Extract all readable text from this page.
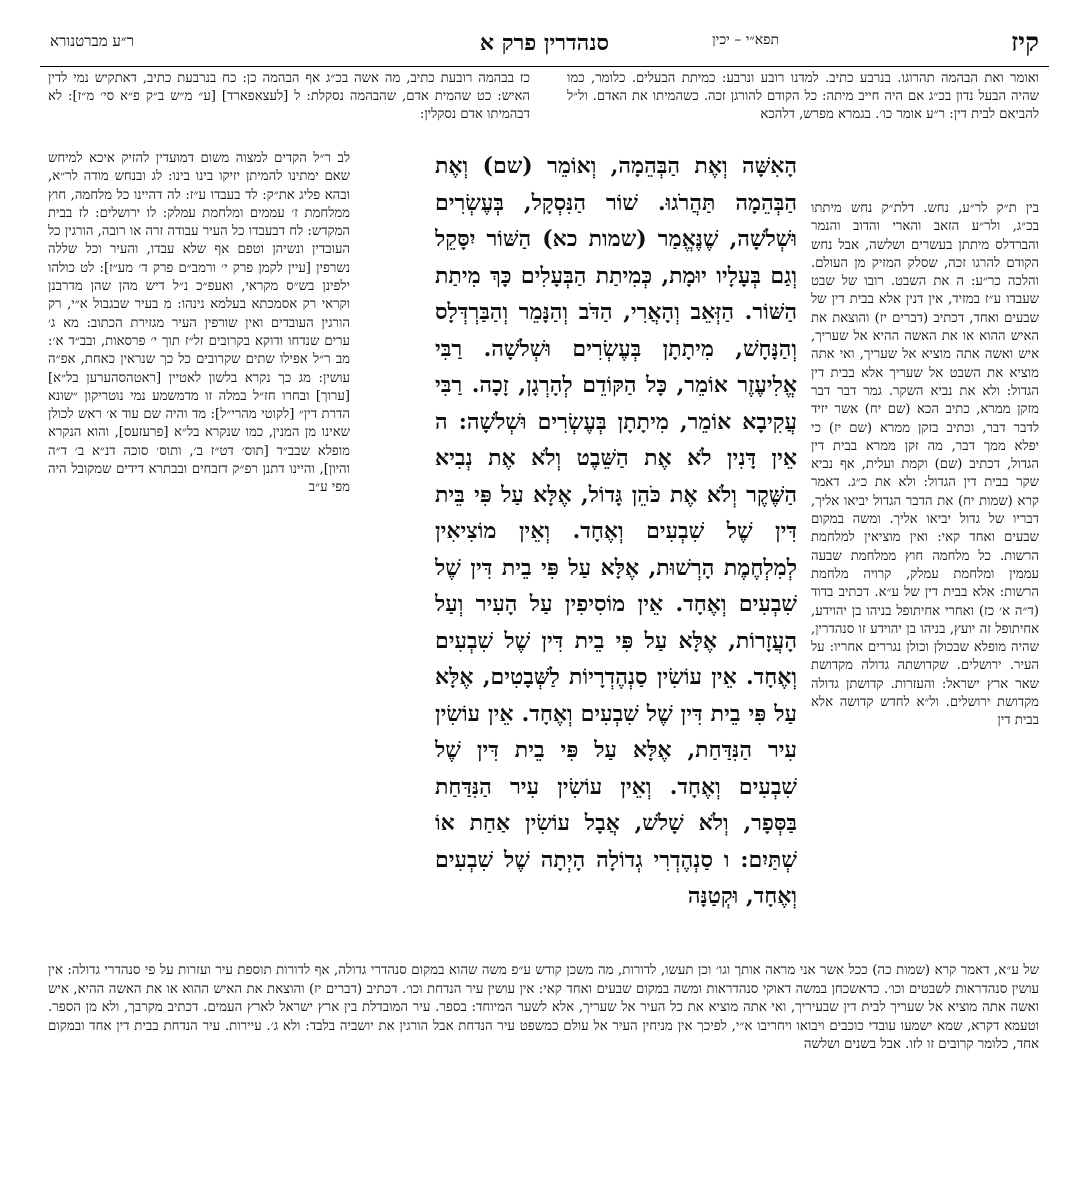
קיז
תפא״י – יכין
סנהדרין פרק א
ר״ע מברטנורא

ואומר ואת הבהמה תהרוגו. בנרבע כתיב. למדנו רובע ונרבע: כמיתת הבעלים. כלומר, כמו שהיה הבעל נדון בכ״ג אם היה חייב מיתה: כל הקודם להורגן זכה. כשהמיתו את האדם. ול״ל להביאם לבית דין: ר״ע אומר כו׳. בגמרא מפרש, דלהכא

כז בבהמה רובעת כתיב, מה אשה בכ״ג אף הבהמה כן: כח בנרבעת כתיב, דאתקיש נמי לדין האיש: כט שהמית אדם, שהבהמה נסקלת: ל [לעצאפארד] [ע״ מ״ש ב״ק פ״א סי׳ מ״ז]: לא דבהמיתו אדם נסקלין:

בין ת״ק לר״ע, נחש. דלת״ק נחש מיתתו בכ״ג, ולר״ע הזאב והארי והדוב והנמר והברדלס מיתתן בעשרים ושלשה, אבל נחש הקודם להרגו זכה, שסלק המזיק מן העולם. והלכה כר״ע: ה את השבט. רובו של שבט שעבדו ע״ז במזיד, אין דנין אלא בבית דין של שבעים ואחד, דכתיב (דברים יז) והוצאת את האיש ההוא או את האשה ההיא אל שעריך, איש ואשה אתה מוציא אל שעריך, ואי אתה מוציא את השבט אל שעריך אלא בבית דין הגדול: ולא את נביא השקר. גמר דבר דבר מזקן ממרא, כתיב הכא (שם יח) אשר יזיד לדבר דבר, וכתיב בזקן ממרא (שם יז) כי יפלא ממך דבר, מה זקן ממרא בבית דין הגדול, דכתיב (שם) וקמת ועלית, אף נביא שקר בבית דין הגדול: ולא את כ״ג. דאמר קרא (שמות יח) את הדבר הגדול יביאו אליך, דבריו של גדול יביאו אליך. ומשה במקום שבעים ואחד קאי: ואין מוציאין למלחמת הרשות. כל מלחמה חוץ ממלחמת שבעה עממין ומלחמת עמלק, קרויה מלחמת הרשות: אלא בבית דין של ע״א. דכתיב בדוד (ד״ה א׳ כז) ואחרי אחיתופל בניהו בן יהוידע, אחיתופל זה יועץ, בניהו בן יהוידע זו סנהדרין, שהיה מופלא שבכולן וכולן נגררים אחריו: על העיר. ירושלים. שקדושתה גדולה מקדושת שאר ארץ ישראל: והעזרות. קדושתן גדולה מקדושת ירושלים. ול״א לחדש קדושה אלא בבית דין

לב ר״ל הקדים למצוה משום דמועדין להזיק איכא למיחש שאם ימתינו להמיתן יזיקו בינו בינו: לג ובנחש מודה לר״א, ובהא פליג את״ק: לד בעבדו ע״ז: לה דהיינו כל מלחמה, חוץ ממלחמת ז׳ עממים ומלחמת עמלק: לו ירושלים: לז בבית המקדש: לח דבעבדו כל העיר עבודה זרה או רובה, הורגין כל העובדין ונשיהן וטפם אף שלא עבדו, והעיר וכל שללה נשרפין [עיין לקמן פרק י׳ ורמב״ם פרק ד׳ מע״ז]: לט כולהו ילפינן בש״ס מקראי, ואעפ״כ נ״ל דיש מהן שהן מדרבנן וקראי רק אסמכתא בעלמא נינהו: מ בעיר שבגבול א״י, רק הורגין העובדים ואין שורפין העיר מגזירת הכתוב: מא ג׳ ערים שנדחו ודוקא בקרובים זל״ז תוך י׳ פרסאות, ובב״ד א׳: מב ר״ל אפילו שתים שקרובים כל כך שנראין כאחת, אפ״ה עושין: מג כך נקרא בלשון לאטיין [ראטהסהערען בל״א] [ערוך] ובחרו חז״ל במלה זו מדמשמע נמי נוטריקון ״שונא הדרת דין״ [לקוטי מהרי״ל]: מד והיה שם עוד א׳ ראש לכולן שאינו מן המנין, כמו שנקרא בל״א [פרעזעס], והוא הנקרא מופלא שבב״ד [תוס׳ דט״ז ב׳, ותוס׳ סוכה דנ״א ב׳ ד״ה והיון], והיינו דתנן רפ״ק דזבחים ובבתרא דידים שמקובל היה מפי ע״ב

הָאִשָּׁה וְאֶת הַבְּהֵמָה, וְאוֹמֵר (שם) וְאֶת הַבְּהֵמָה תַּהֲרֹגוּ. שׁוֹר הַנִּסְקָל, בְּעֶשְׂרִים וּשְׁלֹשָׁה, שֶׁנֶּאֱמַר (שמות כא) הַשּׁוֹר יִסָּקֵל וְגַם בְּעָלָיו יוּמָת, כְּמִיתַת הַבְּעָלִים כָּךְ מִיתַת הַשּׁוֹר. הַזְּאֵב וְהָאֲרִי, הַדֹּב וְהַנָּמֵר וְהַבַּרְדְּלָס וְהַנָּחָשׁ, מִיתָתָן בְּעֶשְׂרִים וּשְׁלֹשָׁה. רַבִּי אֱלִיעֶזֶר אוֹמֵר, כָּל הַקּוֹדֵם לְהָרְגָן, זָכָה. רַבִּי עֲקִיבָא אוֹמֵר, מִיתָתָן בְּעֶשְׂרִים וּשְׁלֹשָׁה: ה אֵין דָּנִין לֹא אֶת הַשֵּׁבֶט וְלֹא אֶת נְבִיא הַשֶּׁקֶר וְלֹא אֶת כֹּהֵן גָּדוֹל, אֶלָּא עַל פִּי בֵּית דִּין שֶׁל שִׁבְעִים וְאֶחָד. וְאֵין מוֹצִיאִין לְמִלְחֶמֶת הָרְשׁוּת, אֶלָּא עַל פִּי בֵית דִּין שֶׁל שִׁבְעִים וְאֶחָד. אֵין מוֹסִיפִין עַל הָעִיר וְעַל הָעֲזָרוֹת, אֶלָּא עַל פִּי בֵית דִּין שֶׁל שִׁבְעִים וְאֶחָד. אֵין עוֹשִׂין סַנְהֶדְרָיוֹת לַשְּׁבָטִים, אֶלָּא עַל פִּי בֵית דִּין שֶׁל שִׁבְעִים וְאֶחָד. אֵין עוֹשִׂין עִיר הַנִּדַּחַת, אֶלָּא עַל פִּי בֵית דִּין שֶׁל שִׁבְעִים וְאֶחָד. וְאֵין עוֹשִׂין עִיר הַנִּדַּחַת בַּסְּפָר, וְלֹא שָׁלֹשׁ, אֲבָל עוֹשִׂין אַחַת אוֹ שְׁתַּיִם: ו סַנְהֶדְרִי גְדוֹלָה הָיְתָה שֶׁל שִׁבְעִים וְאֶחָד, וּקְטַנָּה

של ע״א, דאמר קרא (שמות כה) ככל אשר אני מראה אותך וגו׳ וכן תעשו, לדורות, מה משכן קודש ע״פ משה שהוא במקום סנהדרי גדולה, אף לדורות תוספת עיר ועזרות על פי סנהדרי גדולה: אין עושין סנהדראות לשבטים וכו׳. כדאשכחן במשה דאוקי סנהדראות ומשה במקום שבעים ואחד קאי: אין עושין עיר הנדחת וכו׳. דכתיב (דברים יז) והוצאת את האיש ההוא או את האשה ההיא, איש ואשה אתה מוציא אל שעריך לבית דין שבעיריך, ואי אתה מוציא את כל העיר אל שעריך, אלא לשער המיוחד: בספר. עיר המובדלת בין ארץ ישראל לארץ העמים. דכתיב מקרבך, ולא מן הספר. וטעמא דקרא, שמא ישמעו עובדי כוכבים ויבואו ויחריבו א״י, לפיכך אין מניחין העיר אל עולם כמשפט עיר הנדחת אבל הורגין את יושביה בלבד: ולא ג׳. עיירות. עיר הנדחת בבית דין אחד ובמקום אחד, כלומר קרובים זו לזו. אבל בשנים ושלשה
